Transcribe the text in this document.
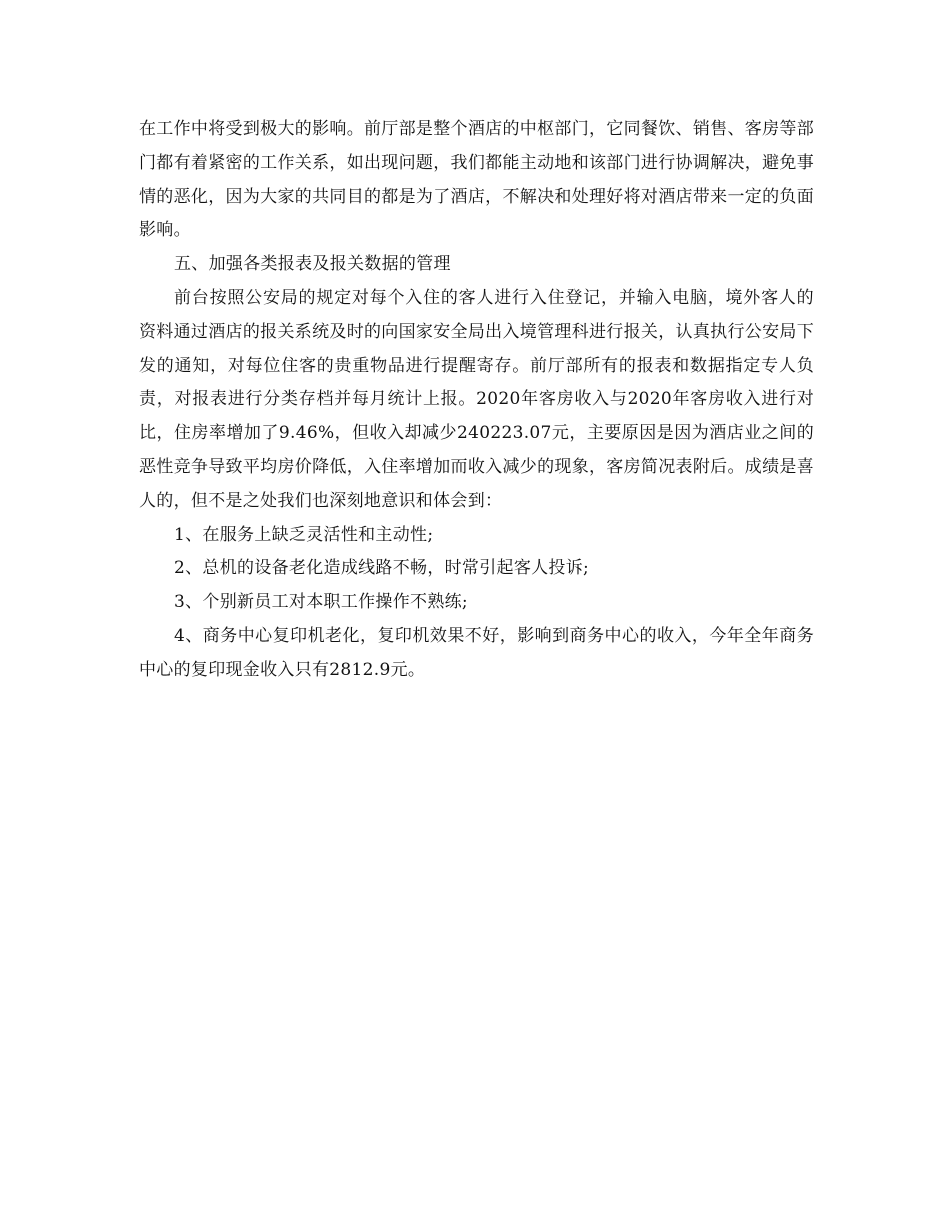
在工作中将受到极大的影响。前厅部是整个酒店的中枢部门，它同餐饮、销售、客房等部门都有着紧密的工作关系，如出现问题，我们都能主动地和该部门进行协调解决，避免事情的恶化，因为大家的共同目的都是为了酒店，不解决和处理好将对酒店带来一定的负面影响。

五、加强各类报表及报关数据的管理

前台按照公安局的规定对每个入住的客人进行入住登记，并输入电脑，境外客人的资料通过酒店的报关系统及时的向国家安全局出入境管理科进行报关，认真执行公安局下发的通知，对每位住客的贵重物品进行提醒寄存。前厅部所有的报表和数据指定专人负责，对报表进行分类存档并每月统计上报。2020年客房收入与2020年客房收入进行对比，住房率增加了9.46%，但收入却减少240223.07元，主要原因是因为酒店业之间的恶性竞争导致平均房价降低，入住率增加而收入减少的现象，客房简况表附后。成绩是喜人的，但不是之处我们也深刻地意识和体会到：

1、在服务上缺乏灵活性和主动性;

2、总机的设备老化造成线路不畅，时常引起客人投诉;

3、个别新员工对本职工作操作不熟练;

4、商务中心复印机老化，复印机效果不好，影响到商务中心的收入，今年全年商务中心的复印现金收入只有2812.9元。
